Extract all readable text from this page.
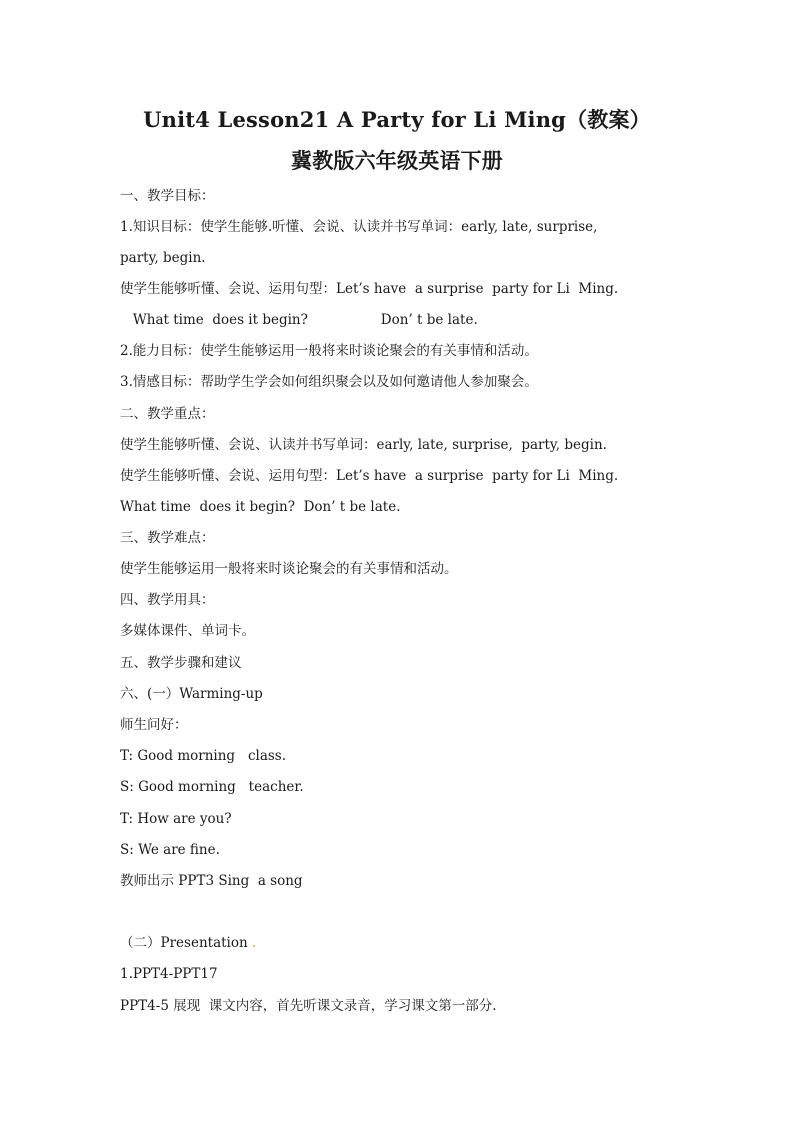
Unit4 Lesson21 A Party for Li Ming（教案）
冀教版六年级英语下册
一、教学目标：
1.知识目标：使学生能够.听懂、会说、认读并书写单词：early, late, surprise,
party, begin.
使学生能够听懂、会说、运用句型：Let’s have  a surprise  party for Li  Ming.
What time  does it begin?                 Don’ t be late.
2.能力目标：使学生能够运用一般将来时谈论聚会的有关事情和活动。
3.情感目标：帮助学生学会如何组织聚会以及如何邀请他人参加聚会。
二、教学重点：
使学生能够听懂、会说、认读并书写单词：early, late, surprise,  party, begin.
使学生能够听懂、会说、运用句型：Let’s have  a surprise  party for Li  Ming.
What time  does it begin?  Don’ t be late.
三、教学难点：
使学生能够运用一般将来时谈论聚会的有关事情和活动。
四、教学用具：
多媒体课件、单词卡。
五、教学步骤和建议
六、(一）Warming-up
师生问好：
T: Good morning   class.
S: Good morning   teacher.
T: How are you?
S: We are fine.
教师出示 PPT3 Sing  a song
（二）Presentation .
1.PPT4-PPT17
PPT4-5 展现  课文内容，首先听课文录音，学习课文第一部分.
